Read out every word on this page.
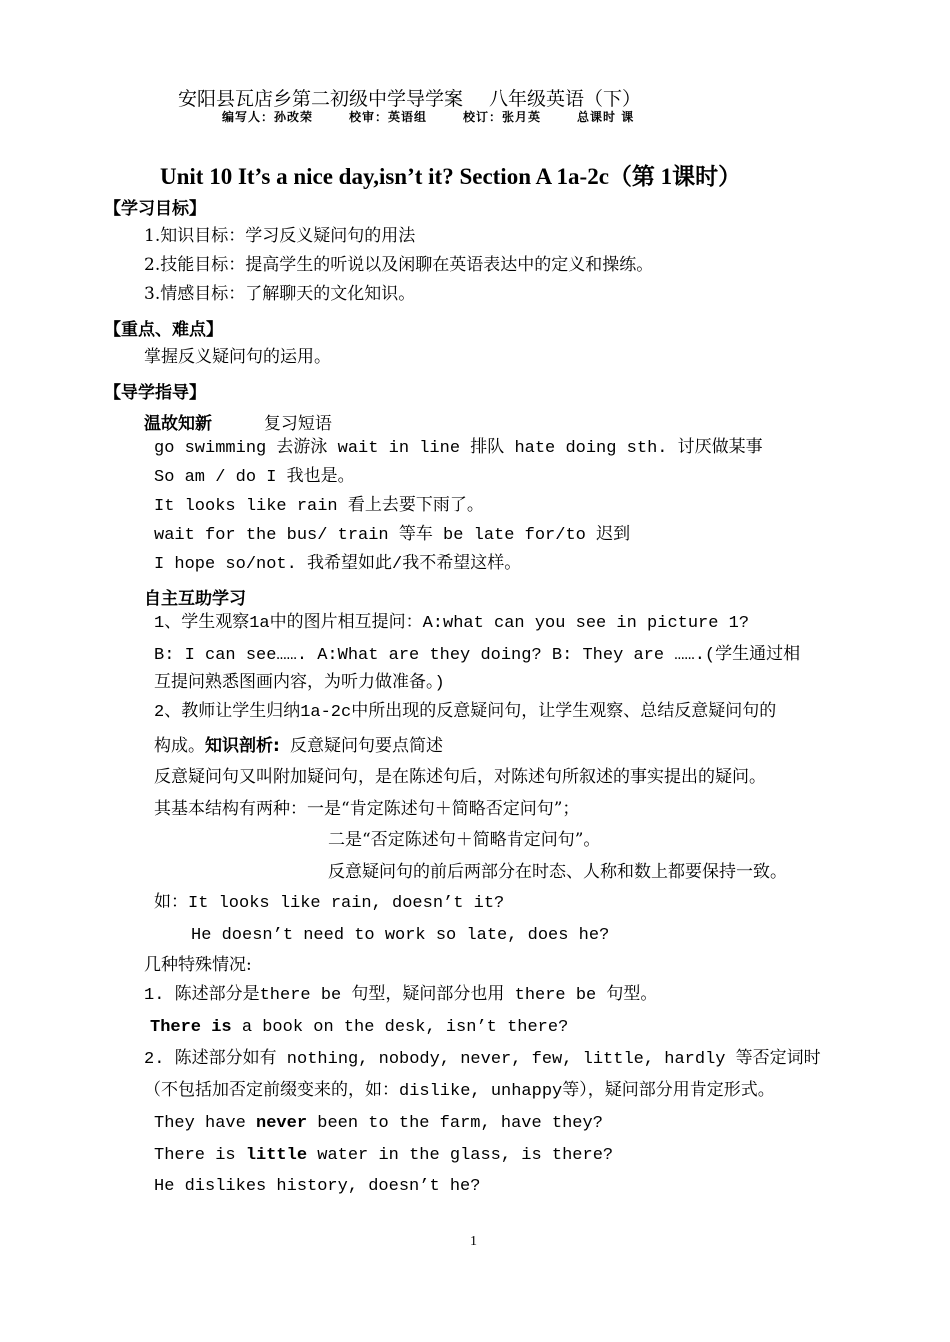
安阳县瓦店乡第二初级中学导学案 八年级英语（下）
编写人：孙改荣	校审：英语组	校订：张月英	总课时 课
Unit 10 It’s a nice day,isn’t it? Section A 1a-2c（第 1课时）
【学习目标】
1.知识目标：学习反义疑问句的用法
2.技能目标：提高学生的听说以及闲聊在英语表达中的定义和操练。
3.情感目标：了解聊天的文化知识。
【重点、难点】
掌握反义疑问句的运用。
【导学指导】
温故知新	复习短语
go swimming 去游泳 wait in line 排队 hate doing sth. 讨厌做某事
So am / do I 我也是。
It looks like rain 看上去要下雨了。
wait for the bus/ train 等车 be late for/to 迟到
I hope so/not. 我希望如此/我不希望这样。
自主互助学习
1、学生观察1a中的图片相互提问：A:what can you see in picture 1?
B: I can see……. A:What are they doing? B: They are …….(学生通过相
互提问熟悉图画内容，为听力做准备。)
2、教师让学生归纳1a-2c中所出现的反意疑问句，让学生观察、总结反意疑问句的
构成。知识剖析: 反意疑问句要点简述
反意疑问句又叫附加疑问句，是在陈述句后，对陈述句所叙述的事实提出的疑问。
其基本结构有两种：一是“肯定陈述句＋简略否定问句”；
二是“否定陈述句＋简略肯定问句”。
反意疑问句的前后两部分在时态、人称和数上都要保持一致。
如：It looks like rain, doesn’t it?
He doesn’t need to work so late, does he?
几种特殊情况:
1. 陈述部分是there be 句型，疑问部分也用 there be 句型。
There is a book on the desk, isn’t there?
2. 陈述部分如有 nothing, nobody, never, few, little, hardly 等否定词时
（不包括加否定前缀变来的，如：dislike, unhappy等），疑问部分用肯定形式。
They have never been to the farm, have they?
There is little water in the glass, is there?
He dislikes history, doesn’t he?
1
